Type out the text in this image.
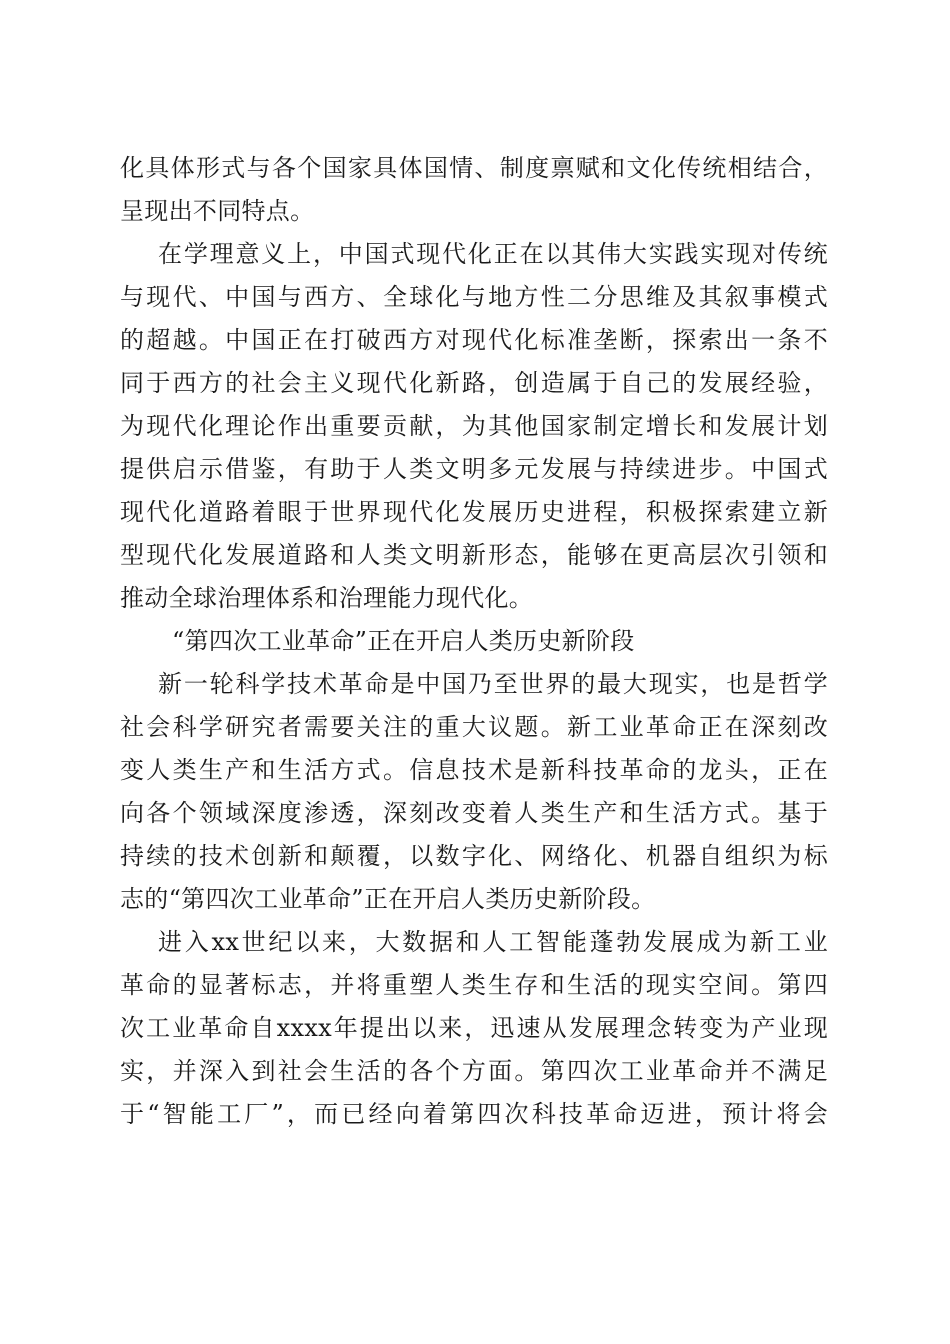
化具体形式与各个国家具体国情、制度禀赋和文化传统相结合，
呈现出不同特点。
在学理意义上，中国式现代化正在以其伟大实践实现对传统
与现代、中国与西方、全球化与地方性二分思维及其叙事模式
的超越。中国正在打破西方对现代化标准垄断，探索出一条不
同于西方的社会主义现代化新路，创造属于自己的发展经验，
为现代化理论作出重要贡献，为其他国家制定增长和发展计划
提供启示借鉴，有助于人类文明多元发展与持续进步。中国式
现代化道路着眼于世界现代化发展历史进程，积极探索建立新
型现代化发展道路和人类文明新形态，能够在更高层次引领和
推动全球治理体系和治理能力现代化。
“第四次工业革命”正在开启人类历史新阶段
新一轮科学技术革命是中国乃至世界的最大现实，也是哲学
社会科学研究者需要关注的重大议题。新工业革命正在深刻改
变人类生产和生活方式。信息技术是新科技革命的龙头，正在
向各个领域深度渗透，深刻改变着人类生产和生活方式。基于
持续的技术创新和颠覆，以数字化、网络化、机器自组织为标
志的“第四次工业革命”正在开启人类历史新阶段。
进入xx世纪以来，大数据和人工智能蓬勃发展成为新工业
革命的显著标志，并将重塑人类生存和生活的现实空间。第四
次工业革命自xxxx年提出以来，迅速从发展理念转变为产业现
实，并深入到社会生活的各个方面。第四次工业革命并不满足
于“智能工厂”，而已经向着第四次科技革命迈进，预计将会
